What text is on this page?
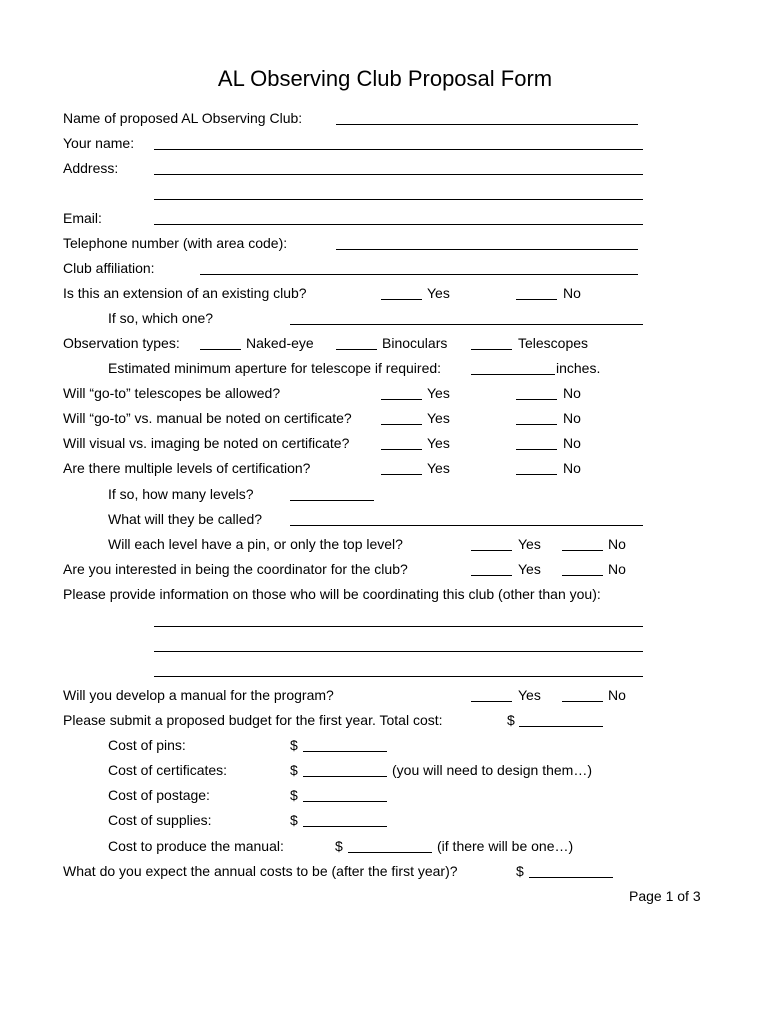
AL Observing Club Proposal Form
Name of proposed AL Observing Club:
Your name:
Address:
Email:
Telephone number (with area code):
Club affiliation:
Is this an extension of an existing club?	Yes	No
If so, which one?
Observation types:	Naked-eye	Binoculars	Telescopes
Estimated minimum aperture for telescope if required:	inches.
Will “go-to” telescopes be allowed?	Yes	No
Will “go-to” vs. manual be noted on certificate?	Yes	No
Will visual vs. imaging be noted on certificate?	Yes	No
Are there multiple levels of certification?	Yes	No
If so, how many levels?
What will they be called?
Will each level have a pin, or only the top level?	Yes	No
Are you interested in being the coordinator for the club?	Yes	No
Please provide information on those who will be coordinating this club (other than you):
Will you develop a manual for the program?	Yes	No
Please submit a proposed budget for the first year. Total cost:	$
Cost of pins:	$
Cost of certificates:	$	(you will need to design them…)
Cost of postage:	$
Cost of supplies:	$
Cost to produce the manual:	$	(if there will be one…)
What do you expect the annual costs to be (after the first year)?	$
Page 1 of 3
